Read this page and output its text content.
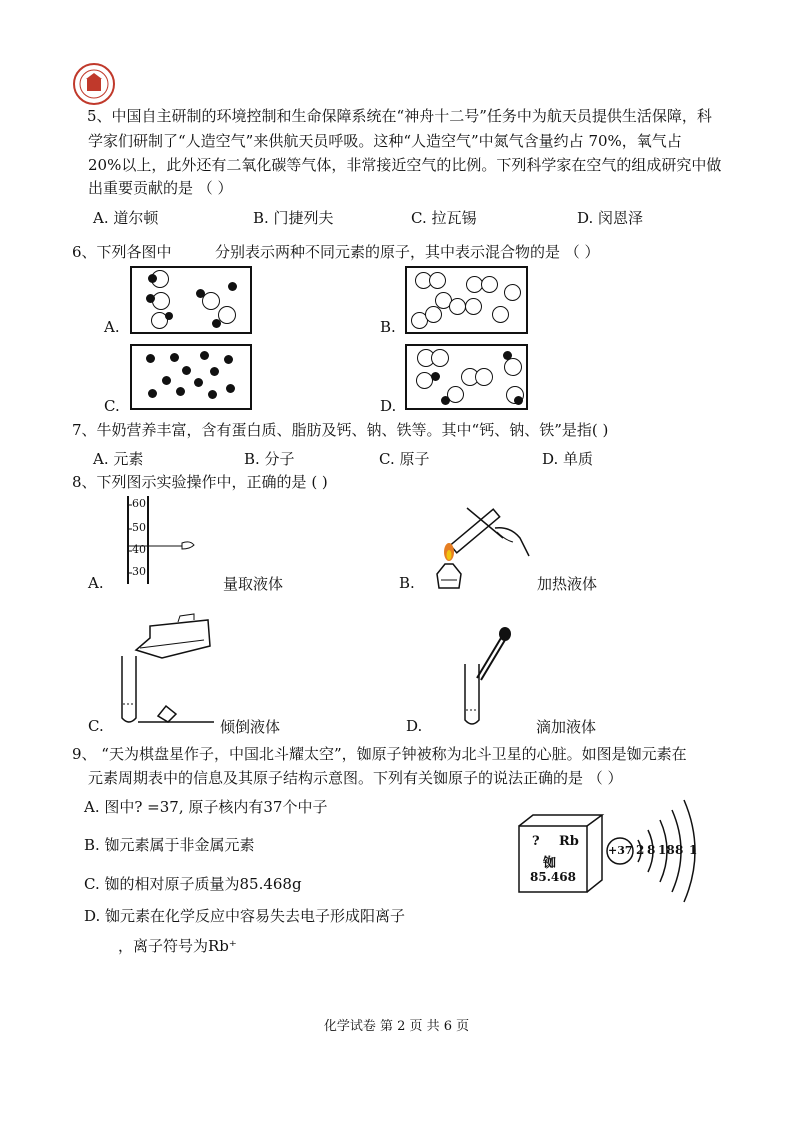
5、中国自主研制的环境控制和生命保障系统在“神舟十二号”任务中为航天员提供生活保障，科
学家们研制了“人造空气”来供航天员呼吸。这种“人造空气”中氮气含量约占 70%，氧气占
20%以上，此外还有二氧化碳等气体，非常接近空气的比例。下列科学家在空气的组成研究中做
出重要贡献的是 （ ）
A. 道尔顿	B. 门捷列夫	C. 拉瓦锡	D. 闵恩泽
6、下列各图中	分别表示两种不同元素的原子，其中表示混合物的是 （ ）
A.	B.
C.	D.
7、牛奶营养丰富，含有蛋白质、脂肪及钙、钠、铁等。其中“钙、钠、铁”是指( )
A. 元素	B. 分子	C. 原子	D. 单质
8、下列图示实验操作中，正确的是 ( )
60
50
40
30
A.	量取液体	B.	加热液体
C.	倾倒液体	D.	滴加液体
9、 “天为棋盘星作子，中国北斗耀太空”，铷原子钟被称为北斗卫星的心脏。如图是铷元素在
元素周期表中的信息及其原子结构示意图。下列有关铷原子的说法正确的是 （ ）
A. 图中? =37, 原子核内有37个中子
B. 铷元素属于非金属元素
C. 铷的相对原子质量为85.468g
D. 铷元素在化学反应中容易失去电子形成阳离子
，离子符号为Rb⁺
? Rb
铷
85.468
+37 2 8 18 8 1
化学试卷 第 2 页 共 6 页
